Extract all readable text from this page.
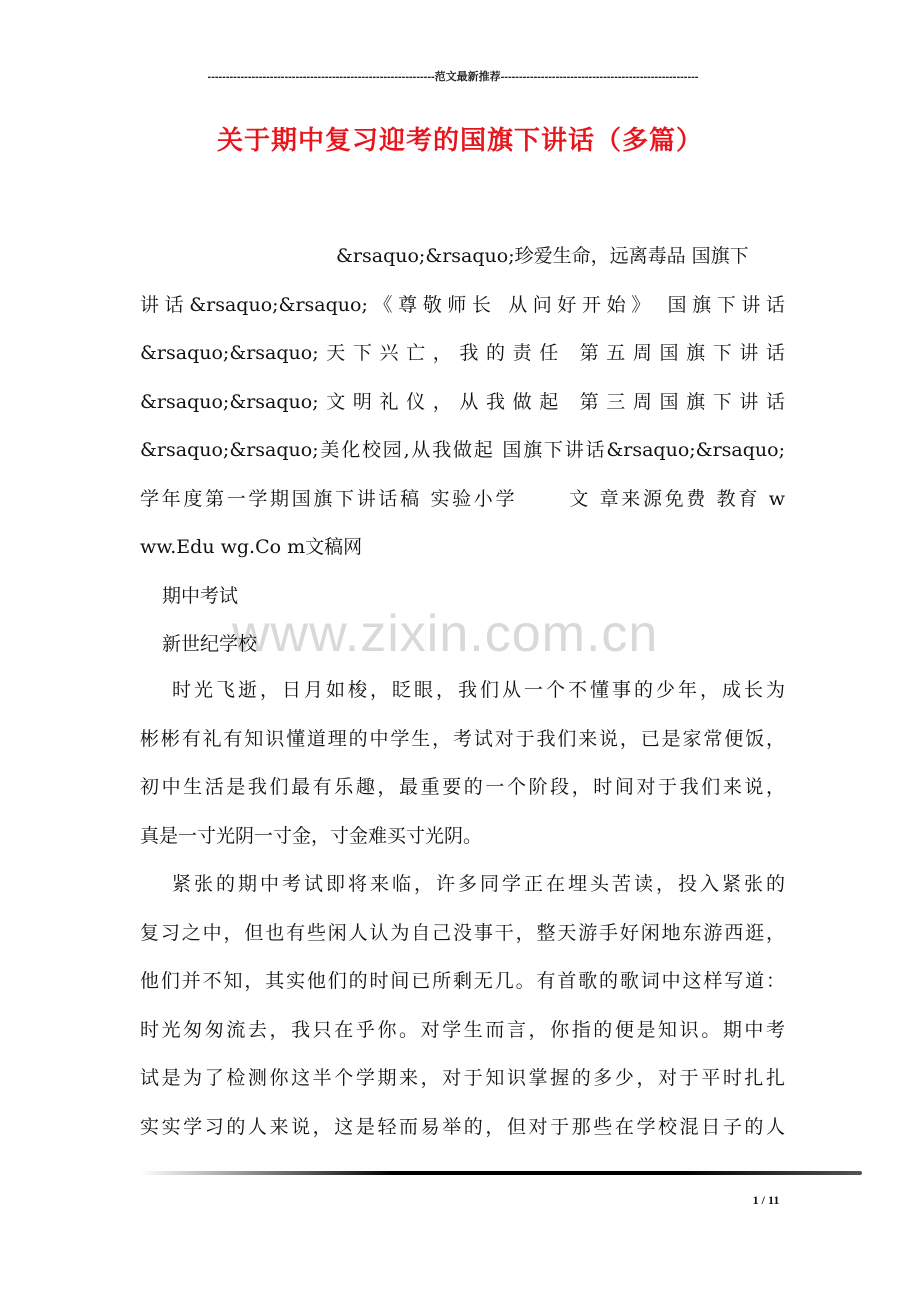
--------------------------------------------------------------范文最新推荐------------------------------------------------------
关于期中复习迎考的国旗下讲话（多篇）
www.zixin.com.cn
&rsaquo;&rsaquo;珍爱生命，远离毒品 国旗下
讲话&rsaquo;&rsaquo;《尊敬师长 从问好开始》 国旗下讲话
&rsaquo;&rsaquo;天下兴亡，我的责任 第五周国旗下讲话
&rsaquo;&rsaquo;文明礼仪，从我做起 第三周国旗下讲话
&rsaquo;&rsaquo;美化校园,从我做起 国旗下讲话&rsaquo;&rsaquo;
学年度第一学期国旗下讲话稿 实验小学　　 文 章来源免费 教育 w
ww.Edu wg.Co m文稿网
期中考试
新世纪学校
时光飞逝，日月如梭，眨眼，我们从一个不懂事的少年，成长为
彬彬有礼有知识懂道理的中学生，考试对于我们来说，已是家常便饭，
初中生活是我们最有乐趣，最重要的一个阶段，时间对于我们来说，
真是一寸光阴一寸金，寸金难买寸光阴。
紧张的期中考试即将来临，许多同学正在埋头苦读，投入紧张的
复习之中，但也有些闲人认为自己没事干，整天游手好闲地东游西逛，
他们并不知，其实他们的时间已所剩无几。有首歌的歌词中这样写道：
时光匆匆流去，我只在乎你。对学生而言，你指的便是知识。期中考
试是为了检测你这半个学期来，对于知识掌握的多少，对于平时扎扎
实实学习的人来说，这是轻而易举的，但对于那些在学校混日子的人
1 / 11
